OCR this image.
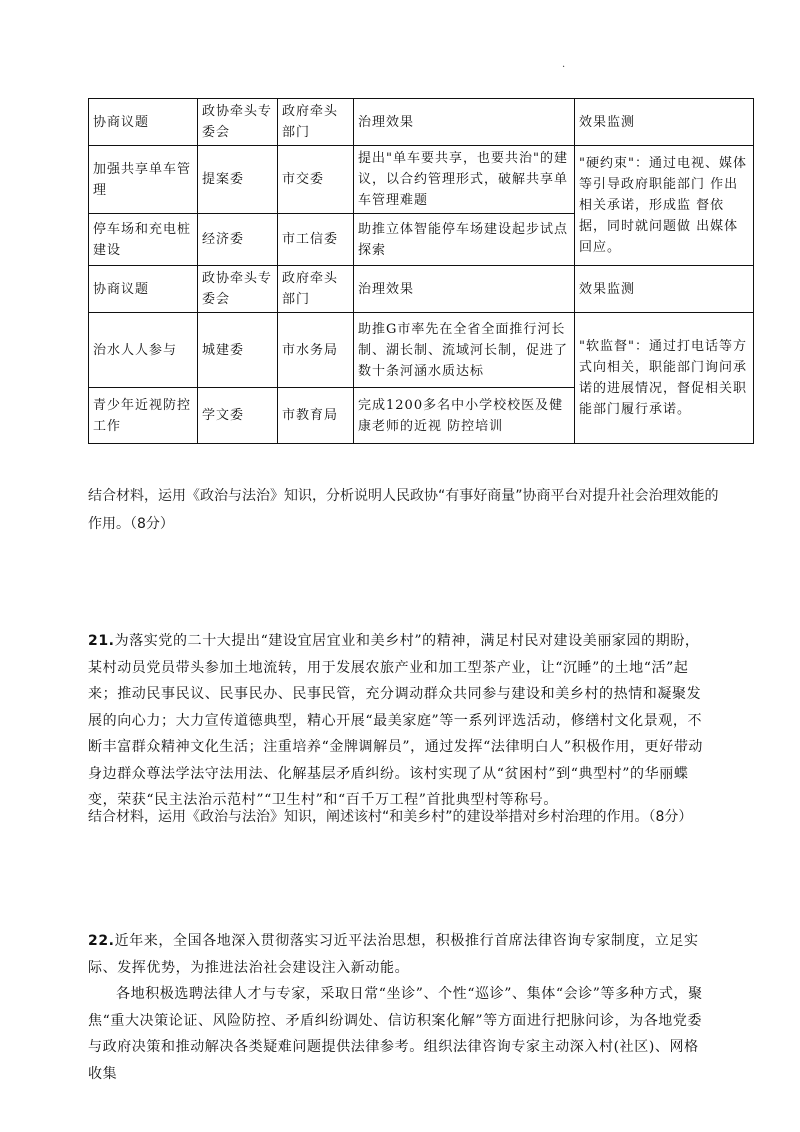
·
协商议题	政协牵头专委会	政府牵头部门	治理效果	效果监测
加强共享单车管理	提案委	市交委	提出"单车要共享，也要共治"的建议，以合约管理形式，破解共享单车管理难题	"硬约束"：通过电视、媒体等引导政府职能部门 作出相关承诺，形成监 督依据，同时就问题做 出媒体回应。
停车场和充电桩建设	经济委	市工信委	助推立体智能停车场建设起步试点探索	
协商议题	政协牵头专委会	政府牵头部门	治理效果	效果监测
治水人人参与	城建委	市水务局	助推G市率先在全省全面推行河长制、湖长制、流域河长制，促进了数十条河涵水质达标	"软监督"：通过打电话等方式向相关，职能部门询问承诺的进展情况，督促相关职能部门履行承诺。
青少年近视防控工作	学文委	市教育局	完成1200多名中小学校校医及健康老师的近视 防控培训	
结合材料，运用《政治与法治》知识，分析说明人民政协“有事好商量”协商平台对提升社会治理效能的作用。（8分）
21.为落实党的二十大提出“建设宜居宜业和美乡村”的精神，满足村民对建设美丽家园的期盼，某村动员党员带头参加土地流转，用于发展农旅产业和加工型茶产业，让“沉睡”的土地“活”起来；推动民事民议、民事民办、民事民管，充分调动群众共同参与建设和美乡村的热情和凝聚发展的向心力；大力宣传道德典型，精心开展“最美家庭”等一系列评选活动，修缮村文化景观，不断丰富群众精神文化生活；注重培养“金牌调解员”，通过发挥“法律明白人”积极作用，更好带动身边群众尊法学法守法用法、化解基层矛盾纠纷。该村实现了从“贫困村”到“典型村”的华丽蝶变，荣获“民主法治示范村”“卫生村”和“百千万工程”首批典型村等称号。
结合材料，运用《政治与法治》知识，阐述该村“和美乡村”的建设举措对乡村治理的作用。（8分）
22.近年来，全国各地深入贯彻落实习近平法治思想，积极推行首席法律咨询专家制度，立足实际、发挥优势，为推进法治社会建设注入新动能。
各地积极选聘法律人才与专家，采取日常“坐诊”、个性“巡诊”、集体“会诊”等多种方式，聚焦“重大决策论证、风险防控、矛盾纠纷调处、信访积案化解”等方面进行把脉问诊，为各地党委与政府决策和推动解决各类疑难问题提供法律参考。组织法律咨询专家主动深入村(社区)、网格收集
